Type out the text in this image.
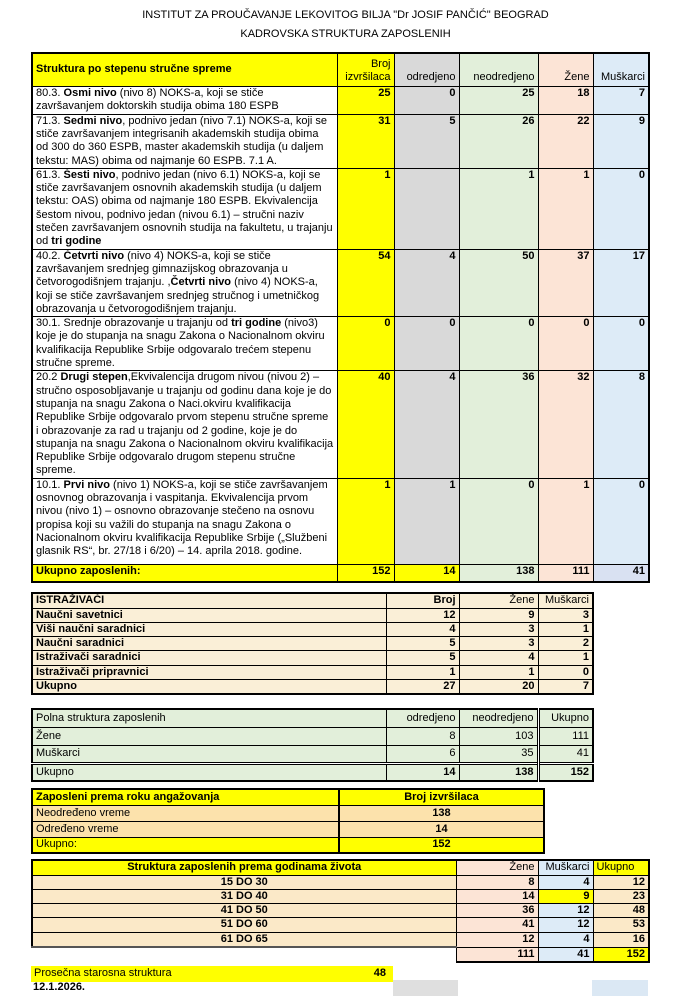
INSTITUT ZA PROUČAVANJE LEKOVITOG BILJA "Dr JOSIF PANČIĆ" BEOGRAD
KADROVSKA STRUKTURA ZAPOSLENIH
Struktura po stepenu stručne spreme	Broj izvršilaca	odredjeno	neodredjeno	Žene	Muškarci
80.3. Osmi nivo (nivo 8) NOKS-a, koji se stiče završavanjem doktorskih studija obima 180 ESPB	25	0	25	18	7
71.3. Sedmi nivo, podnivo jedan (nivo 7.1) NOKS-a, koji se stiče završavanjem integrisanih akademskih studija obima od 300 do 360 ESPB, master akademskih studija (u daljem tekstu: MAS) obima od najmanje 60 ESPB. 7.1 A.	31	5	26	22	9
61.3. Šesti nivo, podnivo jedan (nivo 6.1) NOKS-a, koji se stiče završavanjem osnovnih akademskih studija (u daljem tekstu: OAS) obima od najmanje 180 ESPB. Ekvivalencija šestom nivou, podnivo jedan (nivou 6.1) – stručni naziv stečen završavanjem osnovnih studija na fakultetu, u trajanju od tri godine	1		1	1	0
40.2. Četvrti nivo (nivo 4) NOKS-a, koji se stiče završavanjem srednjeg gimnazijskog obrazovanja u četvorogodišnjem trajanju. ,Četvrti nivo (nivo 4) NOKS-a, koji se stiče završavanjem srednjeg stručnog i umetničkog obrazovanja u četvorogodišnjem trajanju.	54	4	50	37	17
30.1. Srednje obrazovanje u trajanju od tri godine (nivo3) koje je do stupanja na snagu Zakona o Nacionalnom okviru kvalifikacija Republike Srbije odgovaralo trećem stepenu stručne spreme.	0	0	0	0	0
20.2 Drugi stepen,Ekvivalencija drugom nivou (nivou 2) – stručno osposobljavanje u trajanju od godinu dana koje je do stupanja na snagu Zakona o Naci.okviru kvalifikacija Republike Srbije odgovaralo prvom stepenu stručne spreme i obrazovanje za rad u trajanju od 2 godine, koje je do stupanja na snagu Zakona o Nacionalnom okviru kvalifikacija Republike Srbije odgovaralo drugom stepenu stručne spreme.	40	4	36	32	8
10.1. Prvi nivo (nivo 1) NOKS-a, koji se stiče završavanjem osnovnog obrazovanja i vaspitanja. Ekvivalencija prvom nivou (nivo 1) – osnovno obrazovanje stečeno na osnovu propisa koji su važili do stupanja na snagu Zakona o Nacionalnom okviru kvalifikacija Republike Srbije („Službeni glasnik RS“, br. 27/18 i 6/20) – 14. aprila 2018. godine.	1	1	0	1	0
Ukupno zaposlenih:	152	14	138	111	41
ISTRAŽIVAČI	Broj	Žene	Muškarci
Naučni savetnici	12	9	3
Viši naučni saradnici	4	3	1
Naučni saradnici	5	3	2
Istraživači saradnici	5	4	1
Istraživači pripravnici	1	1	0
Ukupno	27	20	7
Polna struktura zaposlenih	odredjeno	neodredjeno	Ukupno
Žene	8	103	111
Muškarci	6	35	41
Ukupno	14	138	152
Zaposleni prema roku angažovanja	Broj izvršilaca
Neodređeno vreme	138
Određeno vreme	14
Ukupno:	152
Struktura zaposlenih prema godinama života	Žene	Muškarci	Ukupno
15 DO 30	8	4	12
31 DO 40	14	9	23
41 DO 50	36	12	48
51 DO 60	41	12	53
61 DO 65	12	4	16
	111	41	152
Prosečna starosna struktura	48
12.1.2026.
